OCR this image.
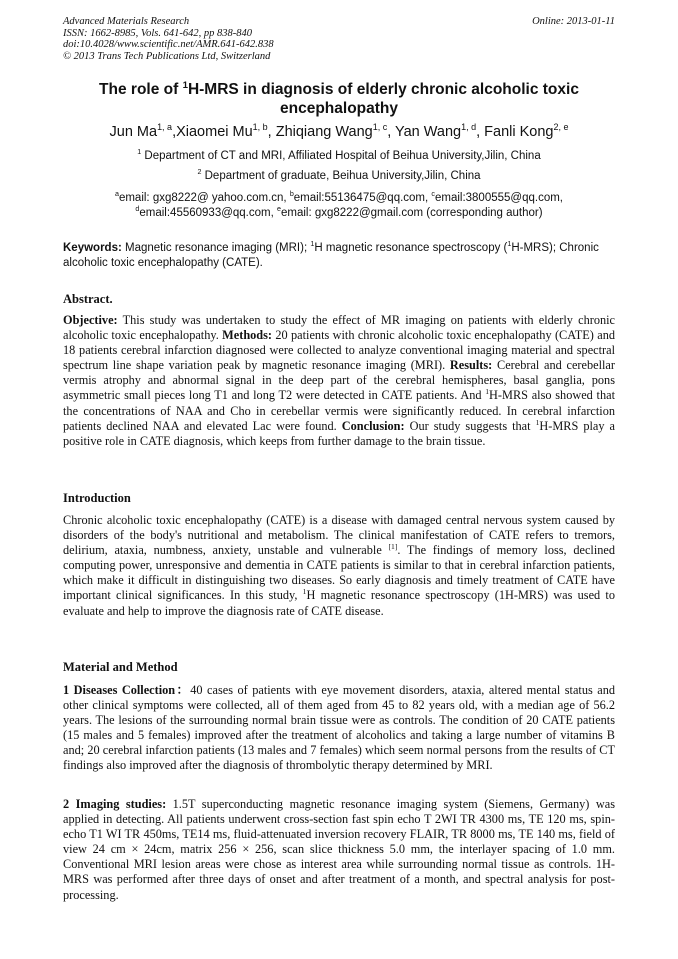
Advanced Materials Research
ISSN: 1662-8985, Vols. 641-642, pp 838-840
doi:10.4028/www.scientific.net/AMR.641-642.838
© 2013 Trans Tech Publications Ltd, Switzerland
Online: 2013-01-11
The role of $^1$H-MRS in diagnosis of elderly chronic alcoholic toxic encephalopathy
Jun Ma$^{1, a}$,Xiaomei Mu$^{1, b}$, Zhiqiang Wang$^{1, c}$, Yan Wang$^{1, d}$, Fanli Kong$^{2, e}$
$^1$ Department of CT and MRI, Affiliated Hospital of Beihua University,Jilin, China
$^2$ Department of graduate, Beihua University,Jilin, China
$^a$email: gxg8222@ yahoo.com.cn, $^b$email:55136475@qq.com, $^c$email:3800555@qq.com,
$^d$email:45560933@qq.com, $^e$email: gxg8222@gmail.com (corresponding author)
Keywords: Magnetic resonance imaging (MRI); $^1$H magnetic resonance spectroscopy ($^1$H-MRS); Chronic alcoholic toxic encephalopathy (CATE).
Abstract.
Objective: This study was undertaken to study the effect of MR imaging on patients with elderly chronic alcoholic toxic encephalopathy. Methods: 20 patients with chronic alcoholic toxic encephalopathy (CATE) and 18 patients cerebral infarction diagnosed were collected to analyze conventional imaging material and spectral spectrum line shape variation peak by magnetic resonance imaging (MRI). Results: Cerebral and cerebellar vermis atrophy and abnormal signal in the deep part of the cerebral hemispheres, basal ganglia, pons asymmetric small pieces long T1 and long T2 were detected in CATE patients. And $^1$H-MRS also showed that the concentrations of NAA and Cho in cerebellar vermis were significantly reduced. In cerebral infarction patients declined NAA and elevated Lac were found. Conclusion: Our study suggests that $^1$H-MRS play a positive role in CATE diagnosis, which keeps from further damage to the brain tissue.
Introduction
Chronic alcoholic toxic encephalopathy (CATE) is a disease with damaged central nervous system caused by disorders of the body's nutritional and metabolism. The clinical manifestation of CATE refers to tremors, delirium, ataxia, numbness, anxiety, unstable and vulnerable [1]. The findings of memory loss, declined computing power, unresponsive and dementia in CATE patients is similar to that in cerebral infarction patients, which make it difficult in distinguishing two diseases. So early diagnosis and timely treatment of CATE have important clinical significances. In this study, $^1$H magnetic resonance spectroscopy (1H-MRS) was used to evaluate and help to improve the diagnosis rate of CATE disease.
Material and Method
1 Diseases Collection：40 cases of patients with eye movement disorders, ataxia, altered mental status and other clinical symptoms were collected, all of them aged from 45 to 82 years old, with a median age of 56.2 years. The lesions of the surrounding normal brain tissue were as controls. The condition of 20 CATE patients (15 males and 5 females) improved after the treatment of alcoholics and taking a large number of vitamins B and; 20 cerebral infarction patients (13 males and 7 females) which seem normal persons from the results of CT findings also improved after the diagnosis of thrombolytic therapy determined by MRI.
2 Imaging studies: 1.5T superconducting magnetic resonance imaging system (Siemens, Germany) was applied in detecting. All patients underwent cross-section fast spin echo T 2WI TR 4300 ms, TE 120 ms, spin-echo T1 WI TR 450ms, TE14 ms, fluid-attenuated inversion recovery FLAIR, TR 8000 ms, TE 140 ms, field of view 24 cm × 24cm, matrix 256 × 256, scan slice thickness 5.0 mm, the interlayer spacing of 1.0 mm. Conventional MRI lesion areas were chose as interest area while surrounding normal tissue as controls. 1H-MRS was performed after three days of onset and after treatment of a month, and spectral analysis for post-processing.
